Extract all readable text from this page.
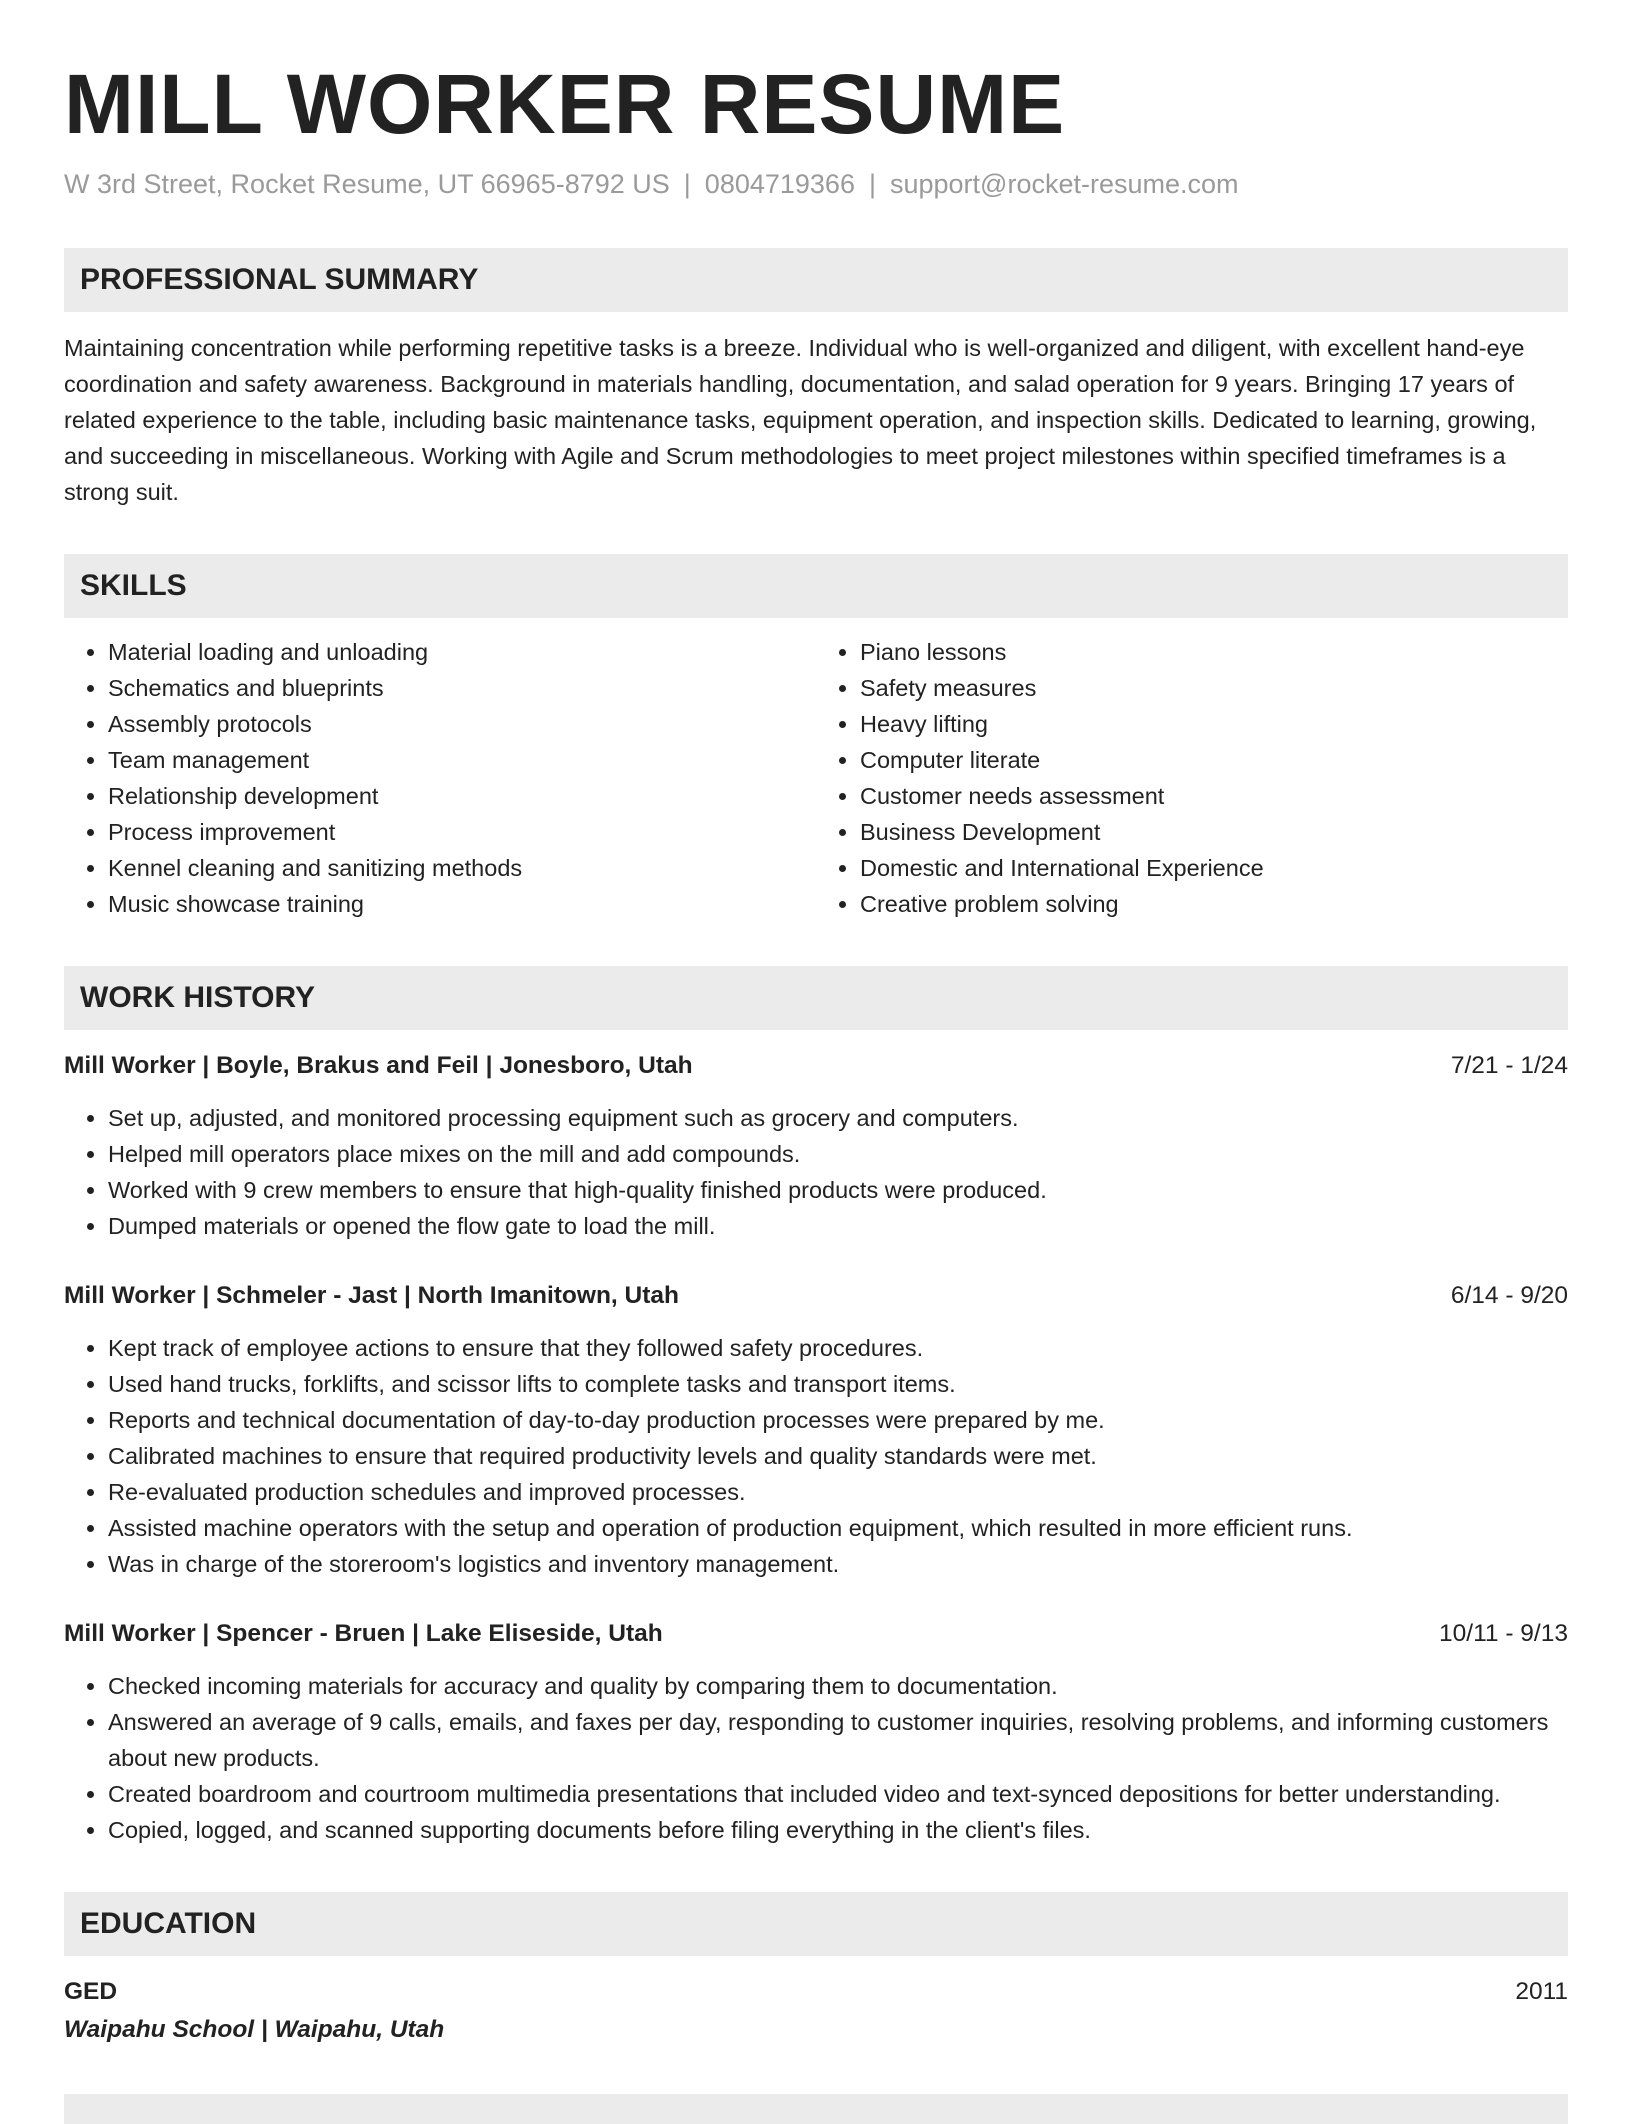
MILL WORKER RESUME
W 3rd Street, Rocket Resume, UT 66965-8792 US | 0804719366 | support@rocket-resume.com
PROFESSIONAL SUMMARY
Maintaining concentration while performing repetitive tasks is a breeze. Individual who is well-organized and diligent, with excellent hand-eye coordination and safety awareness. Background in materials handling, documentation, and salad operation for 9 years. Bringing 17 years of related experience to the table, including basic maintenance tasks, equipment operation, and inspection skills. Dedicated to learning, growing, and succeeding in miscellaneous. Working with Agile and Scrum methodologies to meet project milestones within specified timeframes is a strong suit.
SKILLS
• Material loading and unloading
• Schematics and blueprints
• Assembly protocols
• Team management
• Relationship development
• Process improvement
• Kennel cleaning and sanitizing methods
• Music showcase training
• Piano lessons
• Safety measures
• Heavy lifting
• Computer literate
• Customer needs assessment
• Business Development
• Domestic and International Experience
• Creative problem solving
WORK HISTORY
Mill Worker | Boyle, Brakus and Feil | Jonesboro, Utah	7/21 - 1/24
• Set up, adjusted, and monitored processing equipment such as grocery and computers.
• Helped mill operators place mixes on the mill and add compounds.
• Worked with 9 crew members to ensure that high-quality finished products were produced.
• Dumped materials or opened the flow gate to load the mill.
Mill Worker | Schmeler - Jast | North Imanitown, Utah	6/14 - 9/20
• Kept track of employee actions to ensure that they followed safety procedures.
• Used hand trucks, forklifts, and scissor lifts to complete tasks and transport items.
• Reports and technical documentation of day-to-day production processes were prepared by me.
• Calibrated machines to ensure that required productivity levels and quality standards were met.
• Re-evaluated production schedules and improved processes.
• Assisted machine operators with the setup and operation of production equipment, which resulted in more efficient runs.
• Was in charge of the storeroom's logistics and inventory management.
Mill Worker | Spencer - Bruen | Lake Eliseside, Utah	10/11 - 9/13
• Checked incoming materials for accuracy and quality by comparing them to documentation.
• Answered an average of 9 calls, emails, and faxes per day, responding to customer inquiries, resolving problems, and informing customers about new products.
• Created boardroom and courtroom multimedia presentations that included video and text-synced depositions for better understanding.
• Copied, logged, and scanned supporting documents before filing everything in the client's files.
EDUCATION
GED	2011
Waipahu School | Waipahu, Utah
